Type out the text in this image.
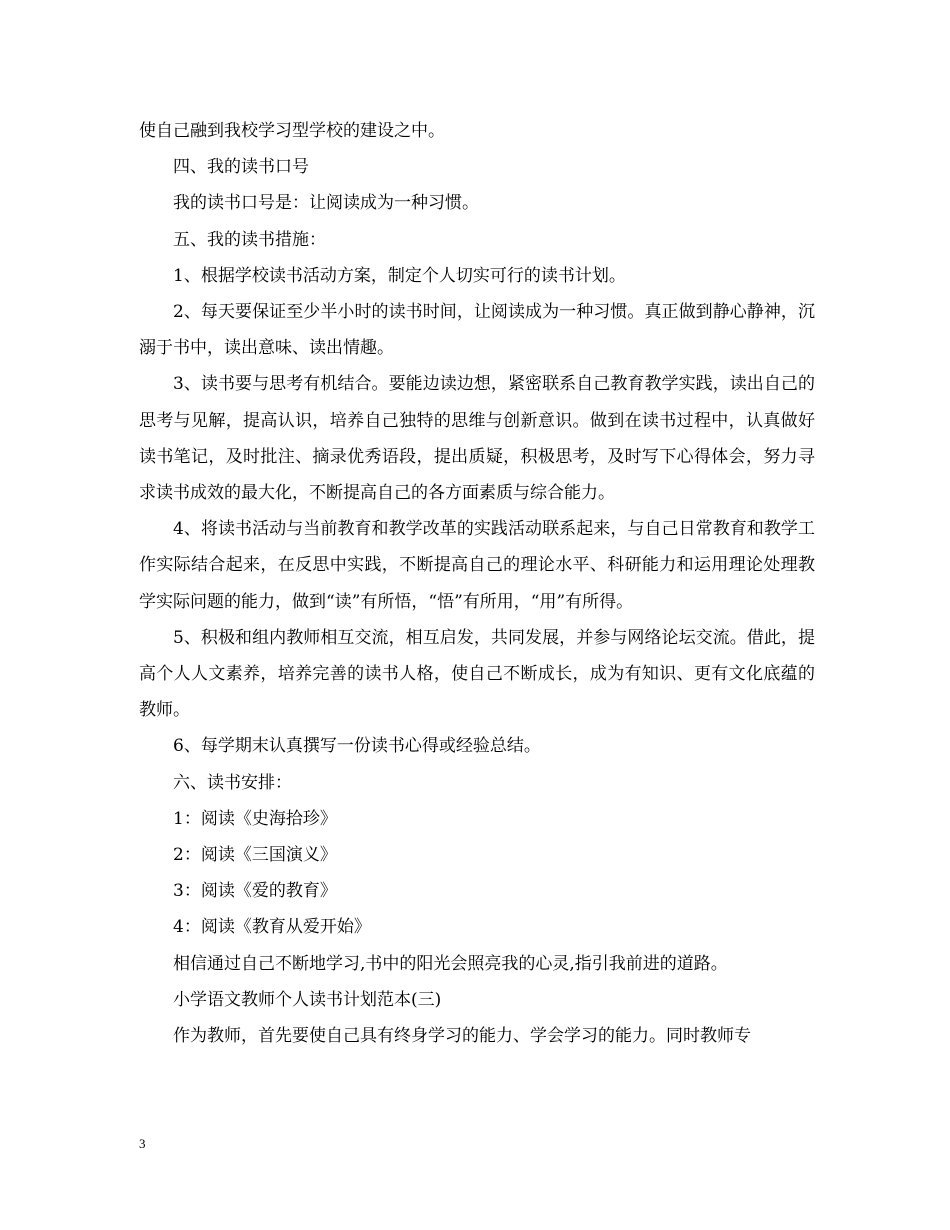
使自己融到我校学习型学校的建设之中。

四、我的读书口号

我的读书口号是：让阅读成为一种习惯。

五、我的读书措施：

1、根据学校读书活动方案，制定个人切实可行的读书计划。

2、每天要保证至少半小时的读书时间，让阅读成为一种习惯。真正做到静心静神，沉溺于书中，读出意味、读出情趣。

3、读书要与思考有机结合。要能边读边想，紧密联系自己教育教学实践，读出自己的思考与见解，提高认识，培养自己独特的思维与创新意识。做到在读书过程中，认真做好读书笔记，及时批注、摘录优秀语段，提出质疑，积极思考，及时写下心得体会，努力寻求读书成效的最大化，不断提高自己的各方面素质与综合能力。

4、将读书活动与当前教育和教学改革的实践活动联系起来，与自己日常教育和教学工作实际结合起来，在反思中实践，不断提高自己的理论水平、科研能力和运用理论处理教学实际问题的能力，做到“读”有所悟，“悟”有所用，“用”有所得。

5、积极和组内教师相互交流，相互启发，共同发展，并参与网络论坛交流。借此，提高个人人文素养，培养完善的读书人格，使自己不断成长，成为有知识、更有文化底蕴的教师。

6、每学期末认真撰写一份读书心得或经验总结。

六、读书安排：

1：阅读《史海拾珍》

2：阅读《三国演义》

3：阅读《爱的教育》

4：阅读《教育从爱开始》

相信通过自己不断地学习,书中的阳光会照亮我的心灵,指引我前进的道路。

小学语文教师个人读书计划范本(三)

作为教师，首先要使自己具有终身学习的能力、学会学习的能力。同时教师专

3
